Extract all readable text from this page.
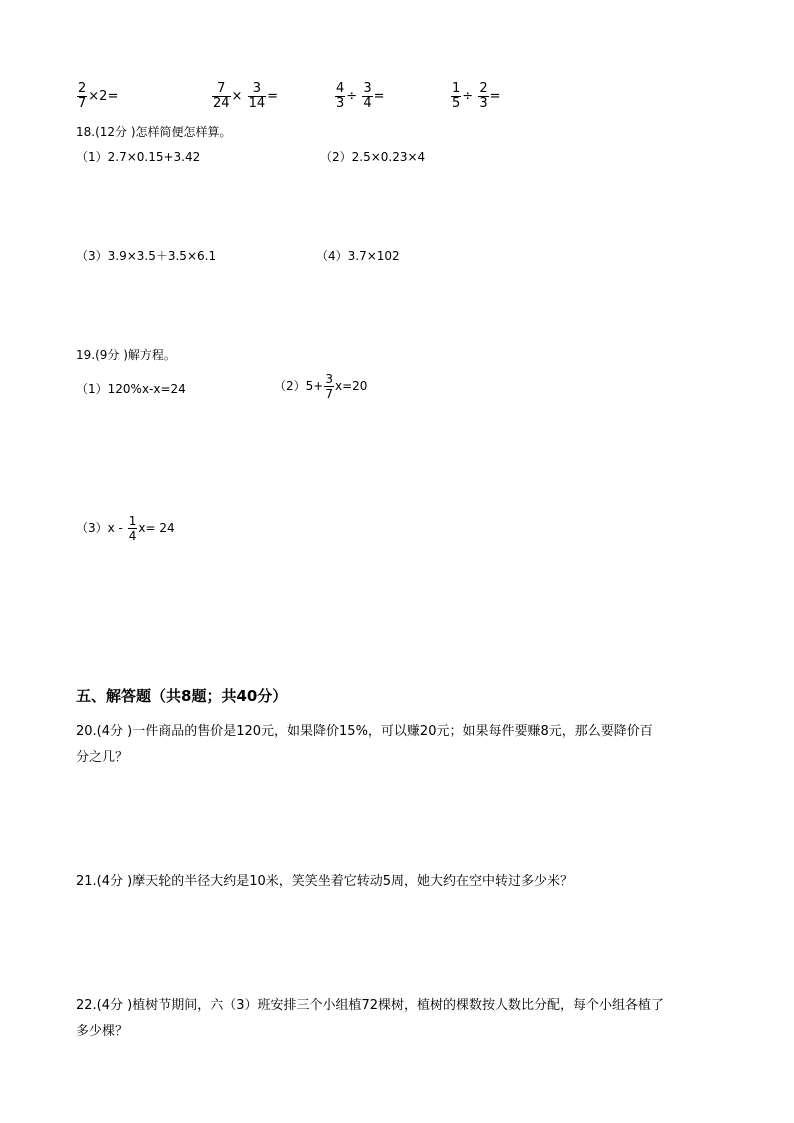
$\frac{2}{7} \times 2=$	$\frac{7}{24} \times \frac{3}{14}$ =	$\frac{4}{3} \div \frac{3}{4}$ =	$\frac{1}{5} \div \frac{2}{3}$ =
18.(12分 )怎样简便怎样算。
（1）2.7×0.15+3.42	（2）2.5×0.23×4
（3）3.9×3.5＋3.5×6.1	（4）3.7×102
19.(9分 )解方程。
（1）120%x-x=24	$(2)5+ \frac{3}{7} x=20$
$(3)x - \frac{1}{4} x= 24$
五、解答题（共8题；共40分）
20.(4分 )一件商品的售价是120元，如果降价15%，可以赚20元；如果每件要赚8元，那么要降价百
分之几？
21.(4分 )摩天轮的半径大约是10米，笑笑坐着它转动5周，她大约在空中转过多少米？
22.(4分 )植树节期间，六（3）班安排三个小组植72棵树，植树的棵数按人数比分配，每个小组各植了
多少棵？
